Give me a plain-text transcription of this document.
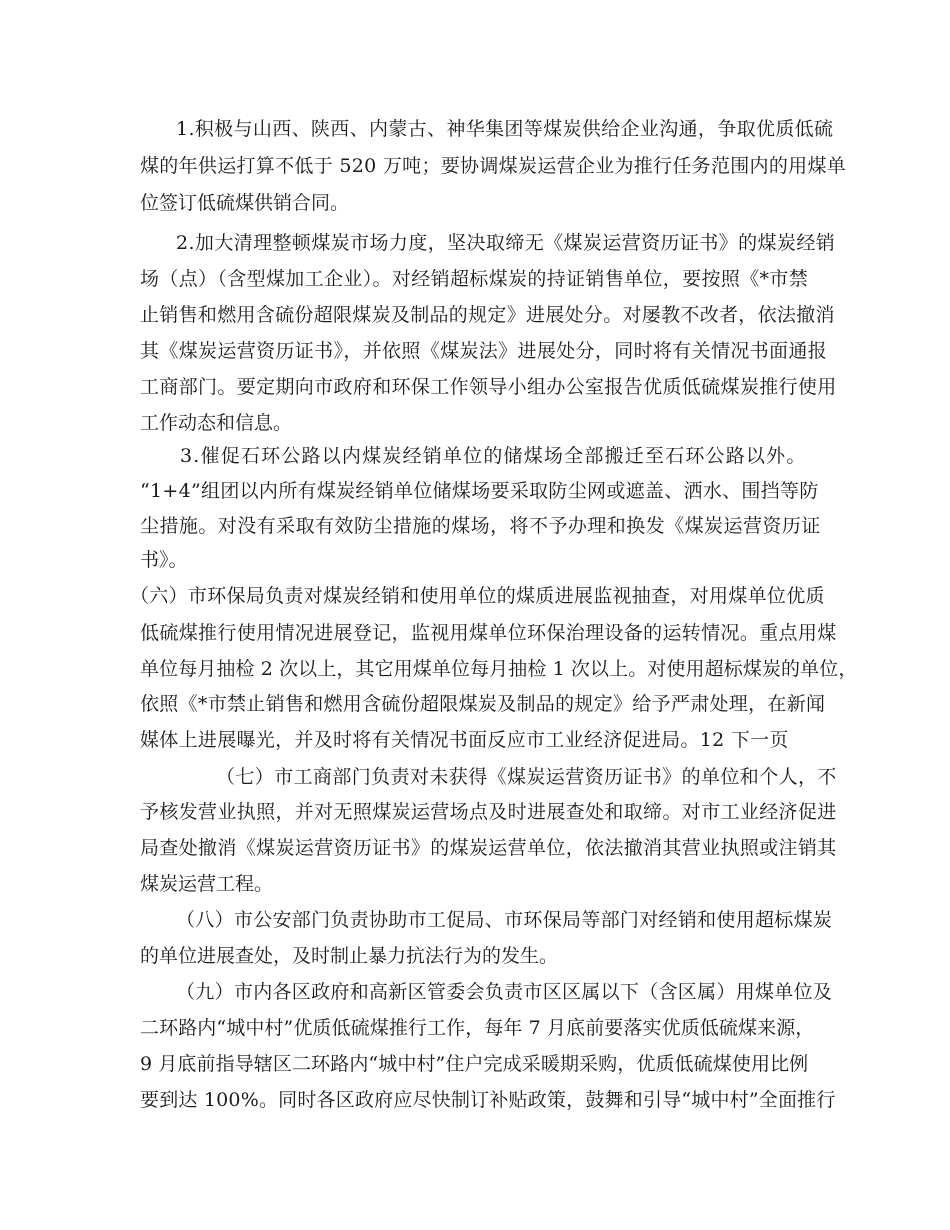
1.积极与山西、陕西、内蒙古、神华集团等煤炭供给企业沟通，争取优质低硫
煤的年供运打算不低于 520 万吨；要协调煤炭运营企业为推行任务范围内的用煤单
位签订低硫煤供销合同。
2.加大清理整顿煤炭市场力度，坚决取缔无《煤炭运营资历证书》的煤炭经销
场（点）（含型煤加工企业）。对经销超标煤炭的持证销售单位，要按照《*市禁
止销售和燃用含硫份超限煤炭及制品的规定》进展处分。对屡教不改者，依法撤消
其《煤炭运营资历证书》，并依照《煤炭法》进展处分，同时将有关情况书面通报
工商部门。要定期向市政府和环保工作领导小组办公室报告优质低硫煤炭推行使用
工作动态和信息。
3.催促石环公路以内煤炭经销单位的储煤场全部搬迁至石环公路以外。
“1+4”组团以内所有煤炭经销单位储煤场要采取防尘网或遮盖、洒水、围挡等防
尘措施。对没有采取有效防尘措施的煤场，将不予办理和换发《煤炭运营资历证
书》。
（六）市环保局负责对煤炭经销和使用单位的煤质进展监视抽查，对用煤单位优质
低硫煤推行使用情况进展登记，监视用煤单位环保治理设备的运转情况。重点用煤
单位每月抽检 2 次以上，其它用煤单位每月抽检 1 次以上。对使用超标煤炭的单位，
依照《*市禁止销售和燃用含硫份超限煤炭及制品的规定》给予严肃处理，在新闻
媒体上进展曝光，并及时将有关情况书面反应市工业经济促进局。12 下一页
（七）市工商部门负责对未获得《煤炭运营资历证书》的单位和个人，不
予核发营业执照，并对无照煤炭运营场点及时进展查处和取缔。对市工业经济促进
局查处撤消《煤炭运营资历证书》的煤炭运营单位，依法撤消其营业执照或注销其
煤炭运营工程。
（八）市公安部门负责协助市工促局、市环保局等部门对经销和使用超标煤炭
的单位进展查处，及时制止暴力抗法行为的发生。
（九）市内各区政府和高新区管委会负责市区区属以下（含区属）用煤单位及
二环路内“城中村”优质低硫煤推行工作，每年 7 月底前要落实优质低硫煤来源，
9 月底前指导辖区二环路内“城中村”住户完成采暖期采购，优质低硫煤使用比例
要到达 100%。同时各区政府应尽快制订补贴政策，鼓舞和引导“城中村”全面推行
